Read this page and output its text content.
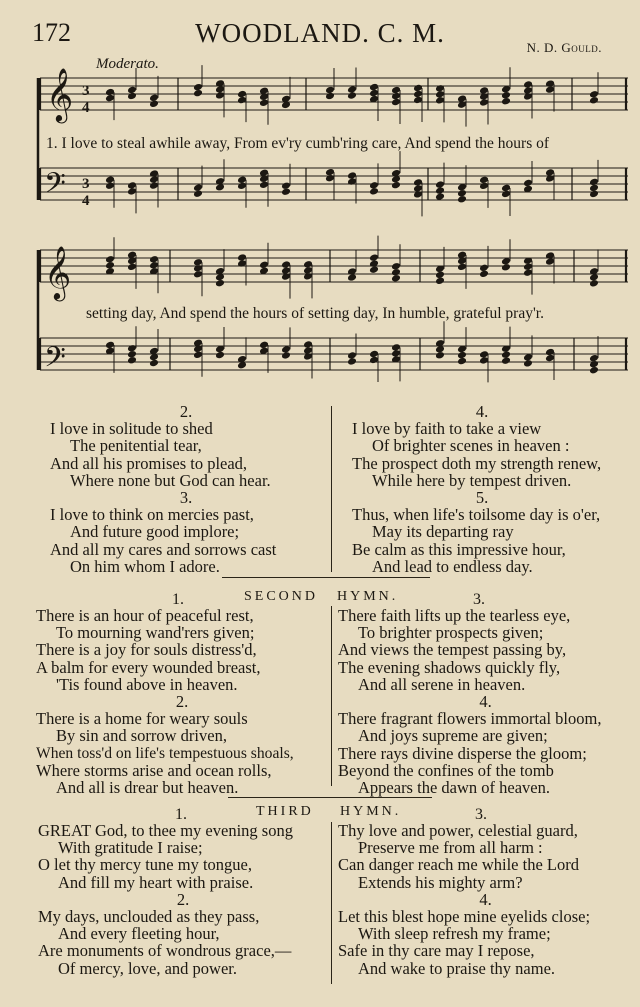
172	WOODLAND. C. M.	N. D. Gould.
Moderato.
𝄞 3
4
𝄢 3
4
𝄞
𝄢
1. I love to steal awhile away, From ev'ry cumb'ring care, And spend the hours of
setting day, And spend the hours of setting day, In humble, grateful pray'r.
2.
I love in solitude to shed
The penitential tear,
And all his promises to plead,
Where none but God can hear.
3.
I love to think on mercies past,
And future good implore;
And all my cares and sorrows cast
On him whom I adore.
4.
I love by faith to take a view
Of brighter scenes in heaven :
The prospect doth my strength renew,
While here by tempest driven.
5.
Thus, when life's toilsome day is o'er,
May its departing ray
Be calm as this impressive hour,
And lead to endless day.
1.	SECOND HYMN.	3.
There is an hour of peaceful rest,
To mourning wand'rers given;
There is a joy for souls distress'd,
A balm for every wounded breast,
'Tis found above in heaven.
2.
There is a home for weary souls
By sin and sorrow driven,
When toss'd on life's tempestuous shoals,
Where storms arise and ocean rolls,
And all is drear but heaven.
There faith lifts up the tearless eye,
To brighter prospects given;
And views the tempest passing by,
The evening shadows quickly fly,
And all serene in heaven.
4.
There fragrant flowers immortal bloom,
And joys supreme are given;
There rays divine disperse the gloom;
Beyond the confines of the tomb
Appears the dawn of heaven.
1.	THIRD HYMN.	3.
GREAT God, to thee my evening song
With gratitude I raise;
O let thy mercy tune my tongue,
And fill my heart with praise.
2.
My days, unclouded as they pass,
And every fleeting hour,
Are monuments of wondrous grace,—
Of mercy, love, and power.
Thy love and power, celestial guard,
Preserve me from all harm :
Can danger reach me while the Lord
Extends his mighty arm?
4.
Let this blest hope mine eyelids close;
With sleep refresh my frame;
Safe in thy care may I repose,
And wake to praise thy name.
